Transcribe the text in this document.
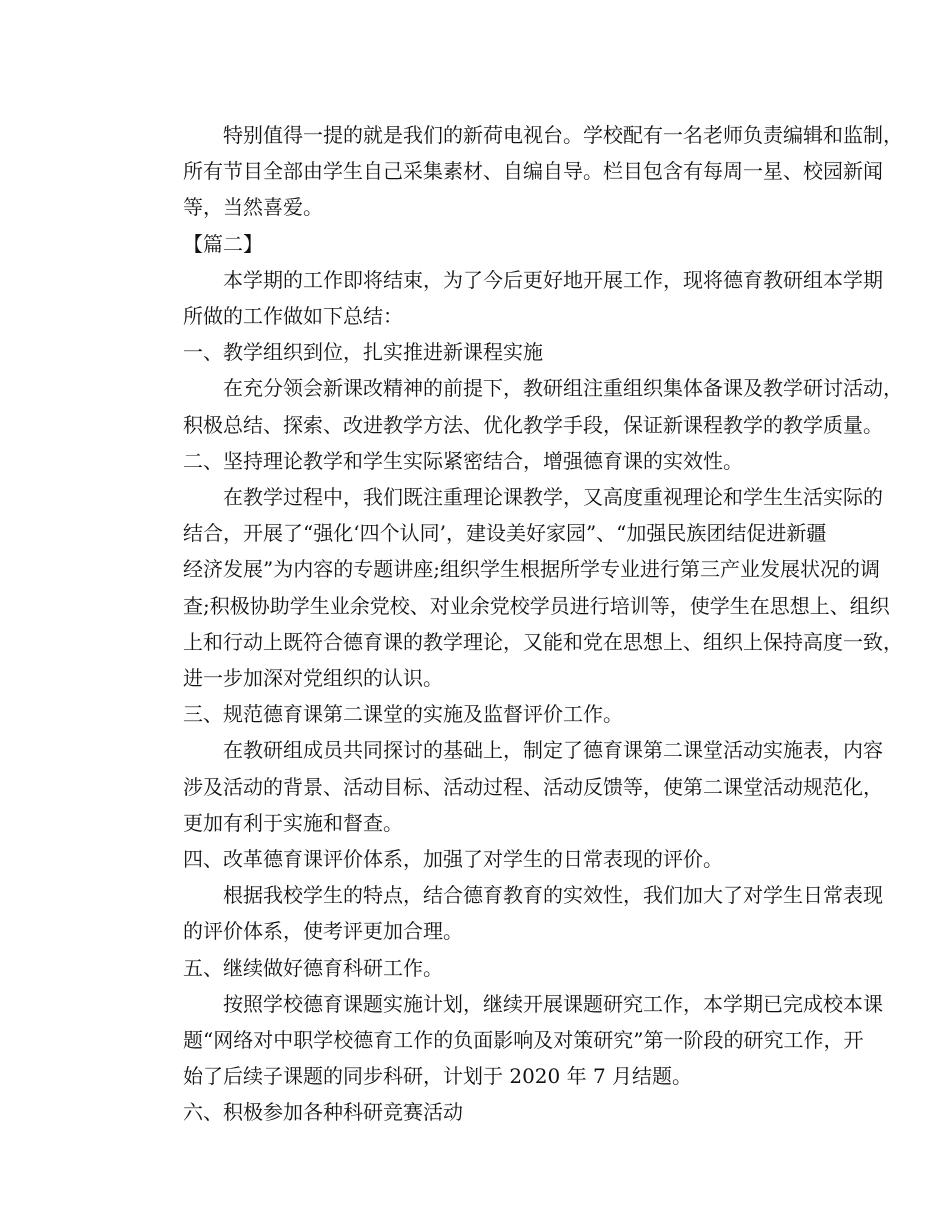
特别值得一提的就是我们的新荷电视台。学校配有一名老师负责编辑和监制，
所有节目全部由学生自己采集素材、自编自导。栏目包含有每周一星、校园新闻
等，当然喜爱。

【篇二】

本学期的工作即将结束，为了今后更好地开展工作，现将德育教研组本学期
所做的工作做如下总结：

一、教学组织到位，扎实推进新课程实施

在充分领会新课改精神的前提下，教研组注重组织集体备课及教学研讨活动，
积极总结、探索、改进教学方法、优化教学手段，保证新课程教学的教学质量。

二、坚持理论教学和学生实际紧密结合，增强德育课的实效性。

在教学过程中，我们既注重理论课教学，又高度重视理论和学生生活实际的
结合，开展了“强化‘四个认同’，建设美好家园”、“加强民族团结促进新疆
经济发展”为内容的专题讲座;组织学生根据所学专业进行第三产业发展状况的调
查;积极协助学生业余党校、对业余党校学员进行培训等，使学生在思想上、组织
上和行动上既符合德育课的教学理论，又能和党在思想上、组织上保持高度一致，
进一步加深对党组织的认识。

三、规范德育课第二课堂的实施及监督评价工作。

在教研组成员共同探讨的基础上，制定了德育课第二课堂活动实施表，内容
涉及活动的背景、活动目标、活动过程、活动反馈等，使第二课堂活动规范化，
更加有利于实施和督查。

四、改革德育课评价体系，加强了对学生的日常表现的评价。

根据我校学生的特点，结合德育教育的实效性，我们加大了对学生日常表现
的评价体系，使考评更加合理。

五、继续做好德育科研工作。

按照学校德育课题实施计划，继续开展课题研究工作，本学期已完成校本课
题“网络对中职学校德育工作的负面影响及对策研究”第一阶段的研究工作，开
始了后续子课题的同步科研，计划于 2020 年 7 月结题。

六、积极参加各种科研竞赛活动
